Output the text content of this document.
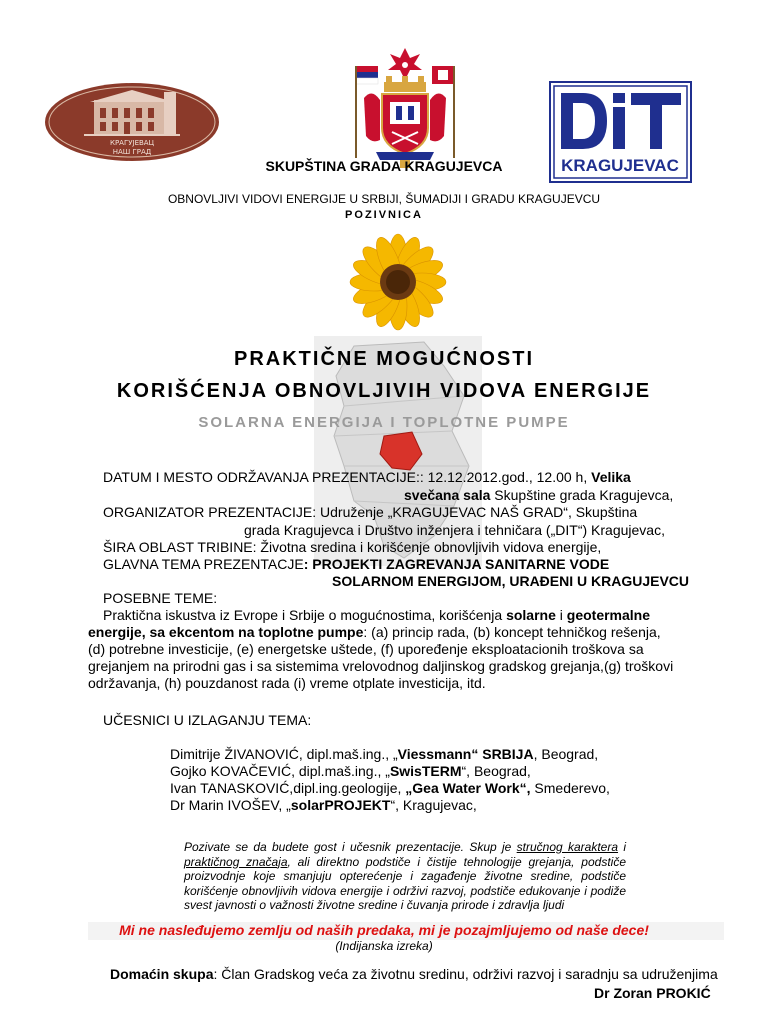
КРАГУЈЕВАЦ
НАШ ГРАД
KRAGUJEVAC
SKUPŠTINA GRADA KRAGUJEVCA
OBNOVLJIVI VIDOVI ENERGIJE U SRBIJI, ŠUMADIJI I GRADU KRAGUJEVCU
POZIVNICA
PRAKTIČNE MOGUĆNOSTI
KORIŠĆENJA OBNOVLJIVIH VIDOVA ENERGIJE
SOLARNA ENERGIJA I TOPLOTNE PUMPE
DATUM I MESTO ODRŽAVANJA PREZENTACIJE:: 12.12.2012.god., 12.00 h, Velika
svečana sala Skupštine grada Kragujevca,
ORGANIZATOR PREZENTACIJE: Udruženje „KRAGUJEVAC NAŠ GRAD“, Skupština
grada Kragujevca i Društvo inženjera i tehničara („DIT“) Kragujevac,
ŠIRA OBLAST TRIBINE: Životna sredina i korišćenje obnovljivih vidova energije,
GLAVNA TEMA PREZENTACJE: PROJEKTI ZAGREVANJA SANITARNE VODE
SOLARNOM ENERGIJOM, URAĐENI U KRAGUJEVCU
POSEBNE TEME:
Praktična iskustva iz Evrope i Srbije o mogućnostima, korišćenja solarne i geotermalne
energije, sa ekcentom na toplotne pumpe: (a) princip rada, (b) koncept tehničkog rešenja,
(d) potrebne investicije, (e) energetske uštede, (f) upoređenje eksploatacionih troškova sa
grejanjem na prirodni gas i sa sistemima vrelovodnog daljinskog gradskog grejanja,(g) troškovi
održavanja, (h) pouzdanost rada (i) vreme otplate investicija, itd.
UČESNICI U IZLAGANJU TEMA:
Dimitrije ŽIVANOVIĆ, dipl.maš.ing., „Viessmann“ SRBIJA, Beograd,
Gojko KOVAČEVIĆ, dipl.maš.ing., „SwisTERM“, Beograd,
Ivan TANASKOVIĆ,dipl.ing.geologije, „Gea Water Work“, Smederevo,
Dr Marin IVOŠEV, „solarPROJEKT“, Kragujevac,
Pozivate se da budete gost i učesnik prezentacije. Skup je stručnog karaktera i praktičnog značaja, ali direktno podstiče i čistije tehnologije grejanja, podstiče proizvodnje koje smanjuju opterećenje i zagađenje životne sredine, podstiče korišćenje obnovljivih vidova energije i održivi razvoj, podstiče edukovanje i podiže svest javnosti o važnosti životne sredine i čuvanja prirode i zdravlja ljudi
Mi ne nasleđujemo zemlju od naših predaka, mi je pozajmljujemo od naše dece!
(Indijanska izreka)
Domaćin skupa: Član Gradskog veća za životnu sredinu, održivi razvoj i saradnju sa udruženjima
Dr Zoran PROKIĆ
